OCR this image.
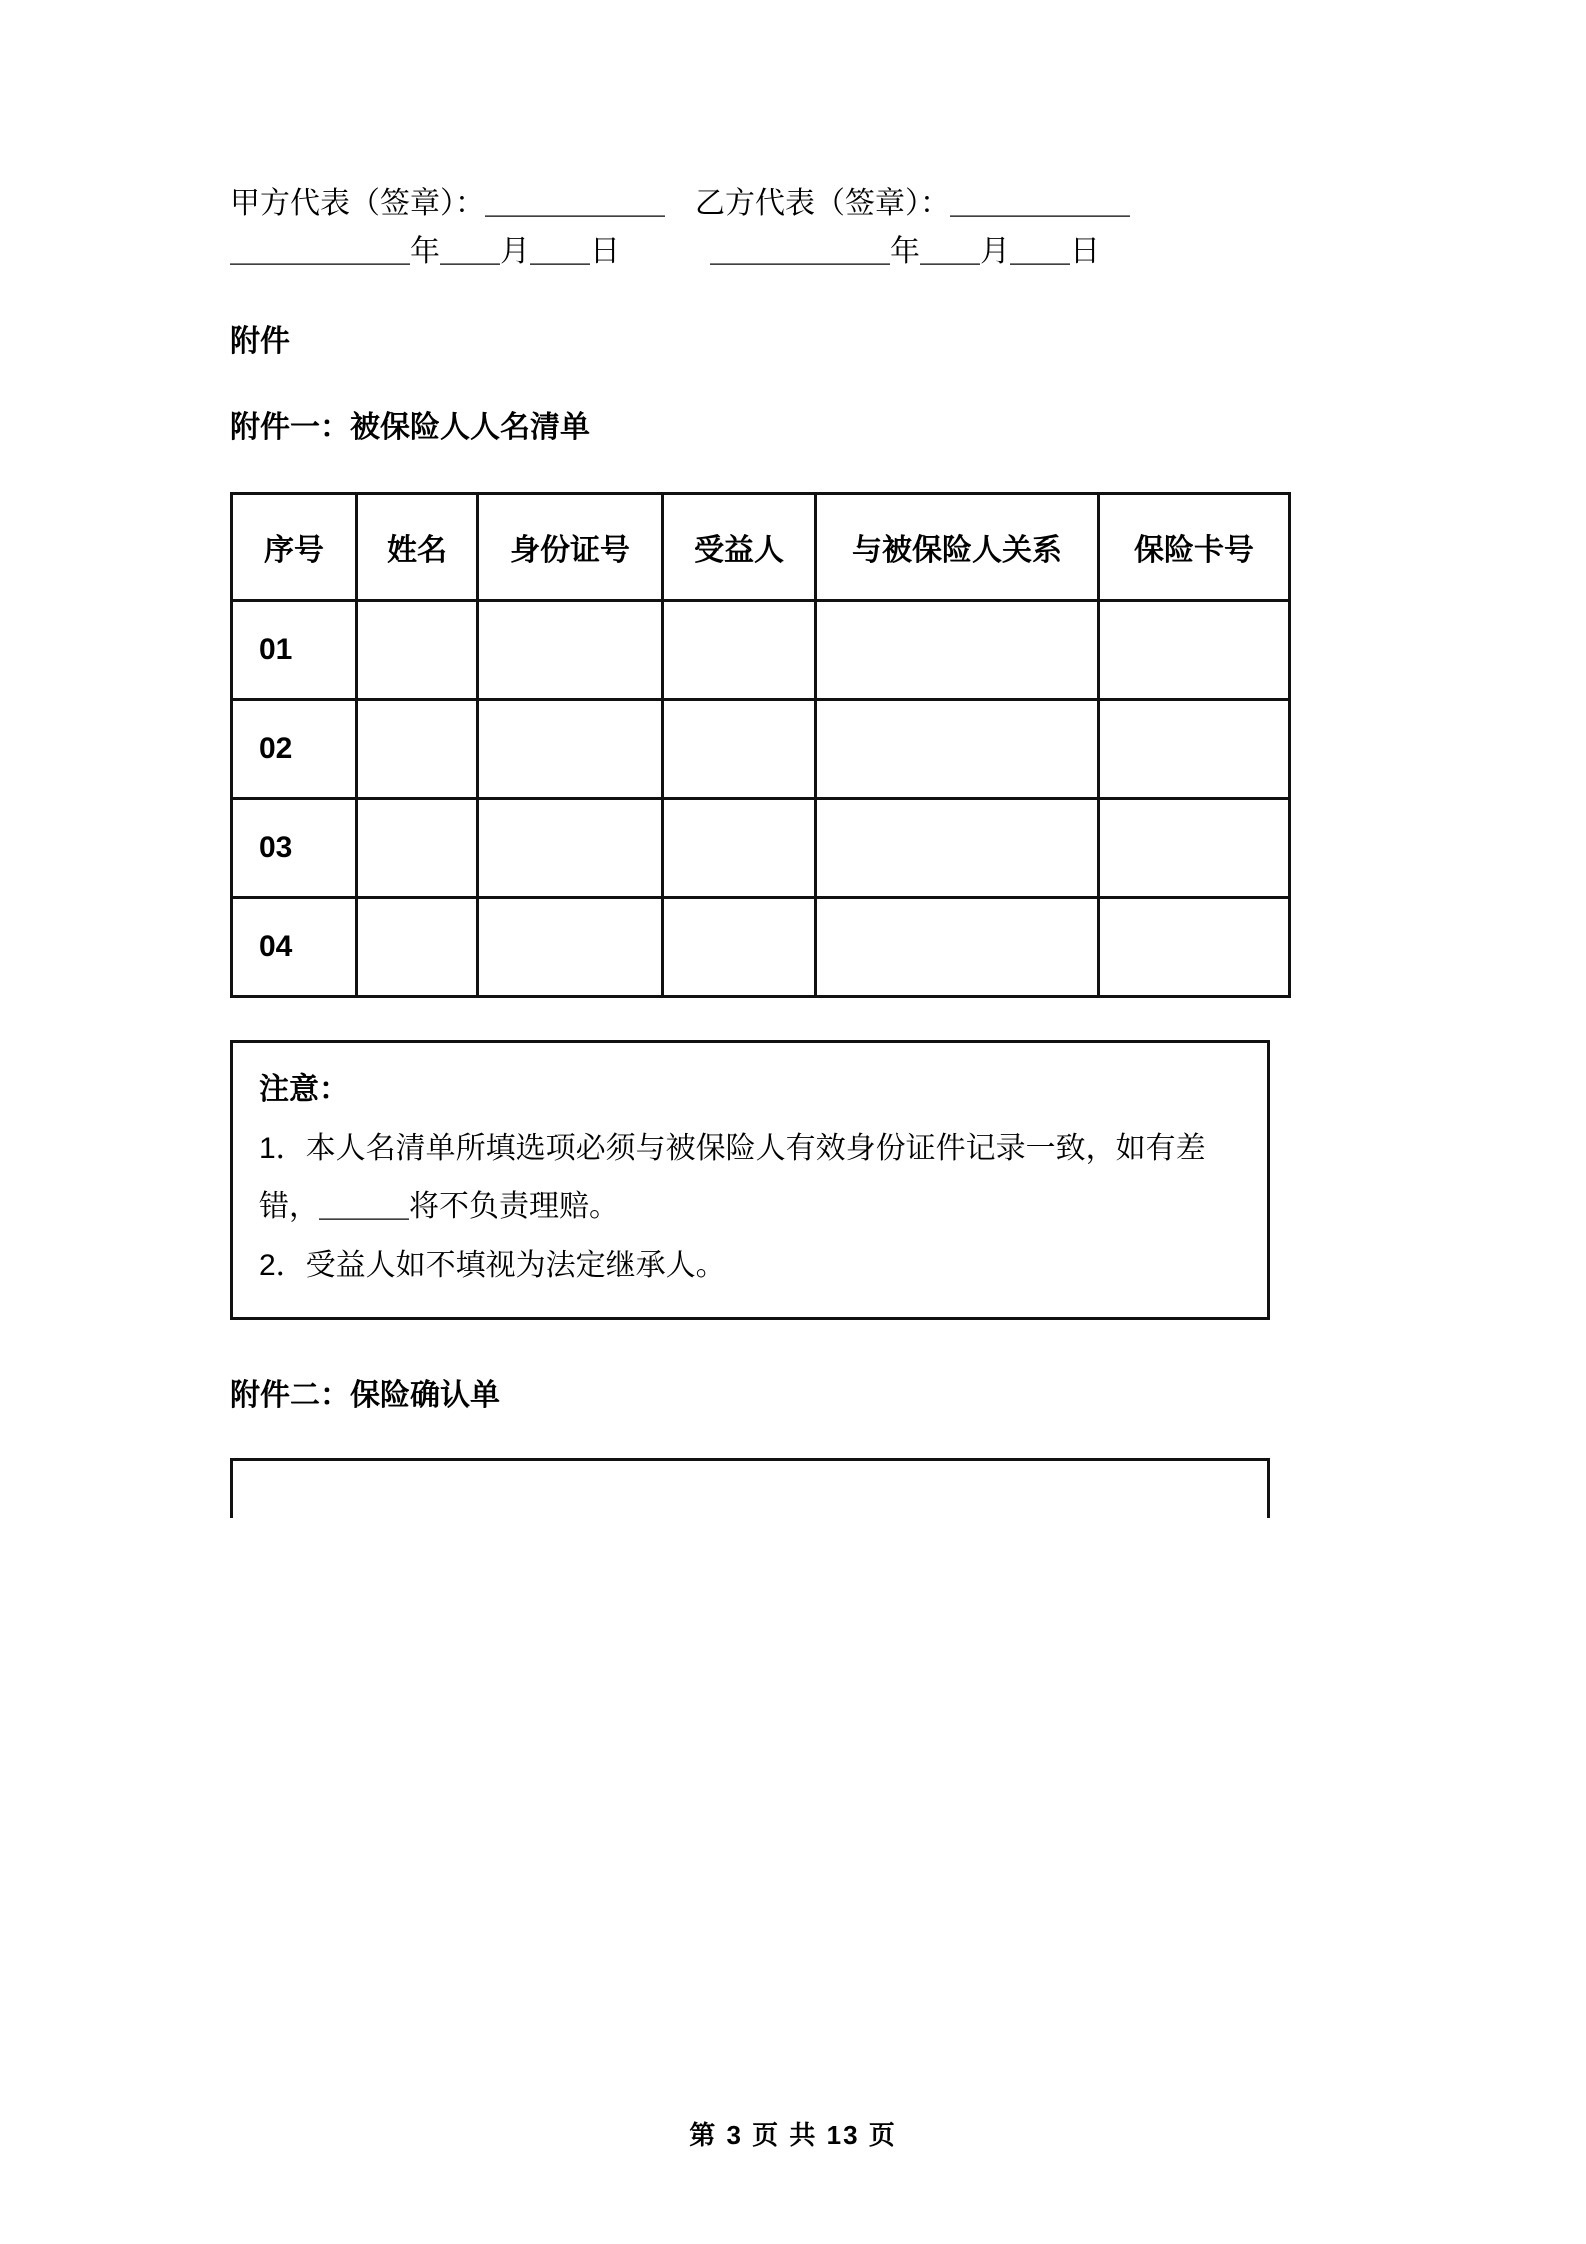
甲方代表（签章）：＿＿＿＿＿＿　乙方代表（签章）：＿＿＿＿＿＿
＿＿＿＿＿＿年＿＿月＿＿日　　　＿＿＿＿＿＿年＿＿月＿＿日
附件
附件一：被保险人人名清单
序号	姓名	身份证号	受益人	与被保险人关系	保险卡号
01					
02					
03					
04					
注意：
1．本人名清单所填选项必须与被保险人有效身份证件记录一致，如有差错，＿＿＿将不负责理赔。
2．受益人如不填视为法定继承人。
附件二：保险确认单
第 3 页 共 13 页
